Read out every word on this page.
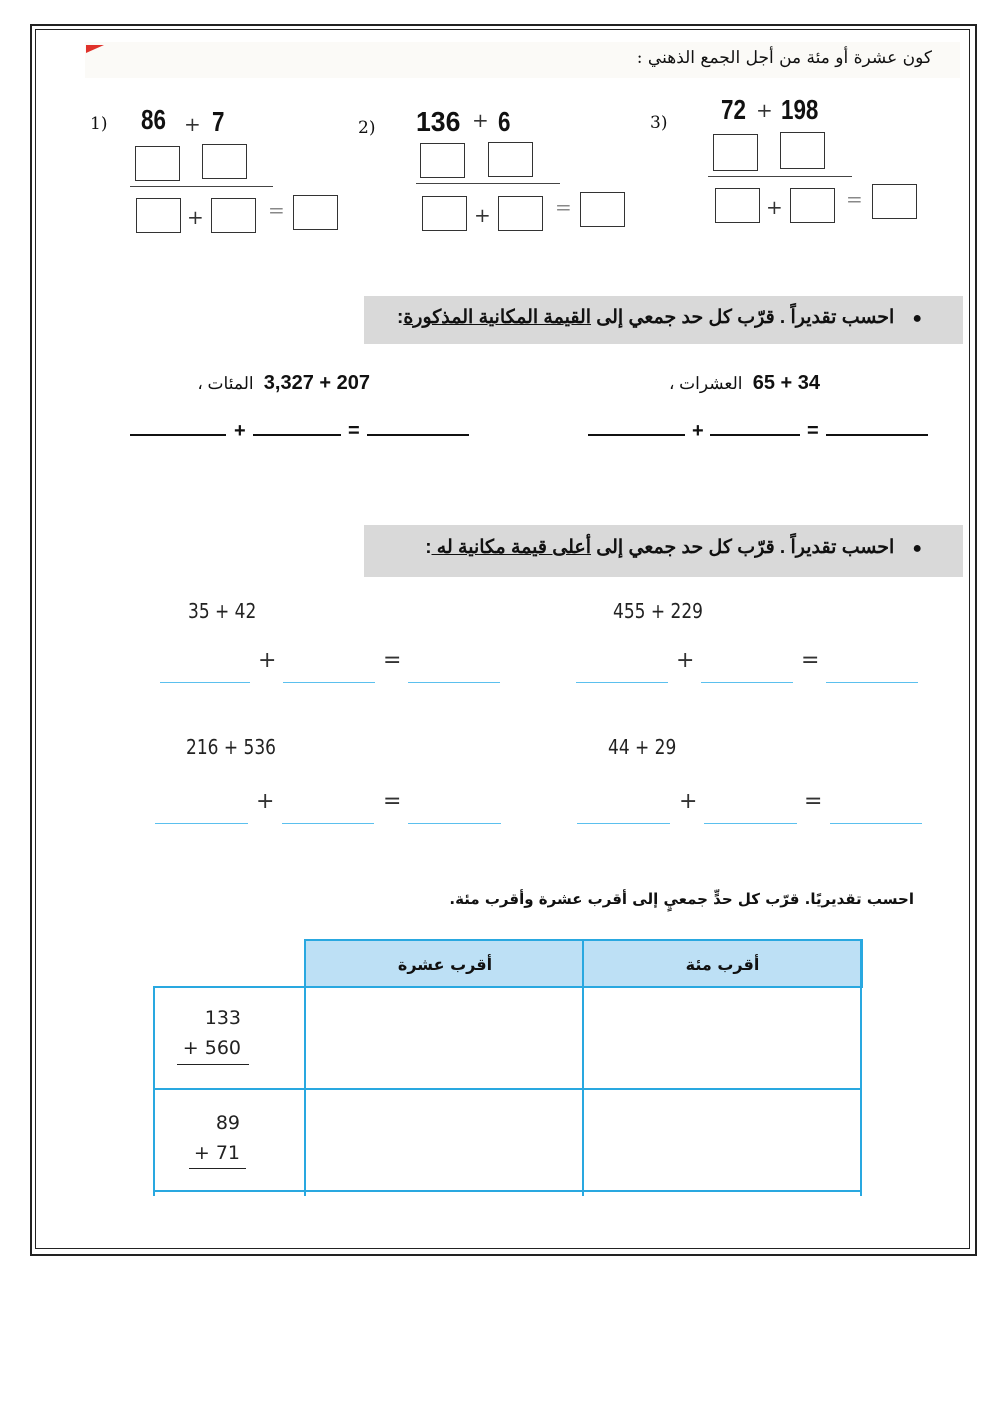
كون عشرة أو مئة من أجل الجمع الذهني :
1) 86 + 7
+	=
2) 136 + 6
+	=
3) 72 + 198
+	=
●احسب تقديراً . قرّب كل حد جمعي إلى القيمة المكانية المذكورة:
65 + 34  العشرات ،
3,327 + 207  المئات ،
+	=	+	=
●احسب تقديراً . قرّب كل حد جمعي إلى أعلى قيمة مكانية له :
35 + 42	455 + 229
216 + 536	44 + 29
+	=	+	=
+	=	+	=
احسب تقديريًا. قرّب كل حدٍّ جمعيٍ إلى أقرب عشرة وأقرب مئة.
أقرب عشرة	أقرب مئة
133
+ 560
89
+ 71
